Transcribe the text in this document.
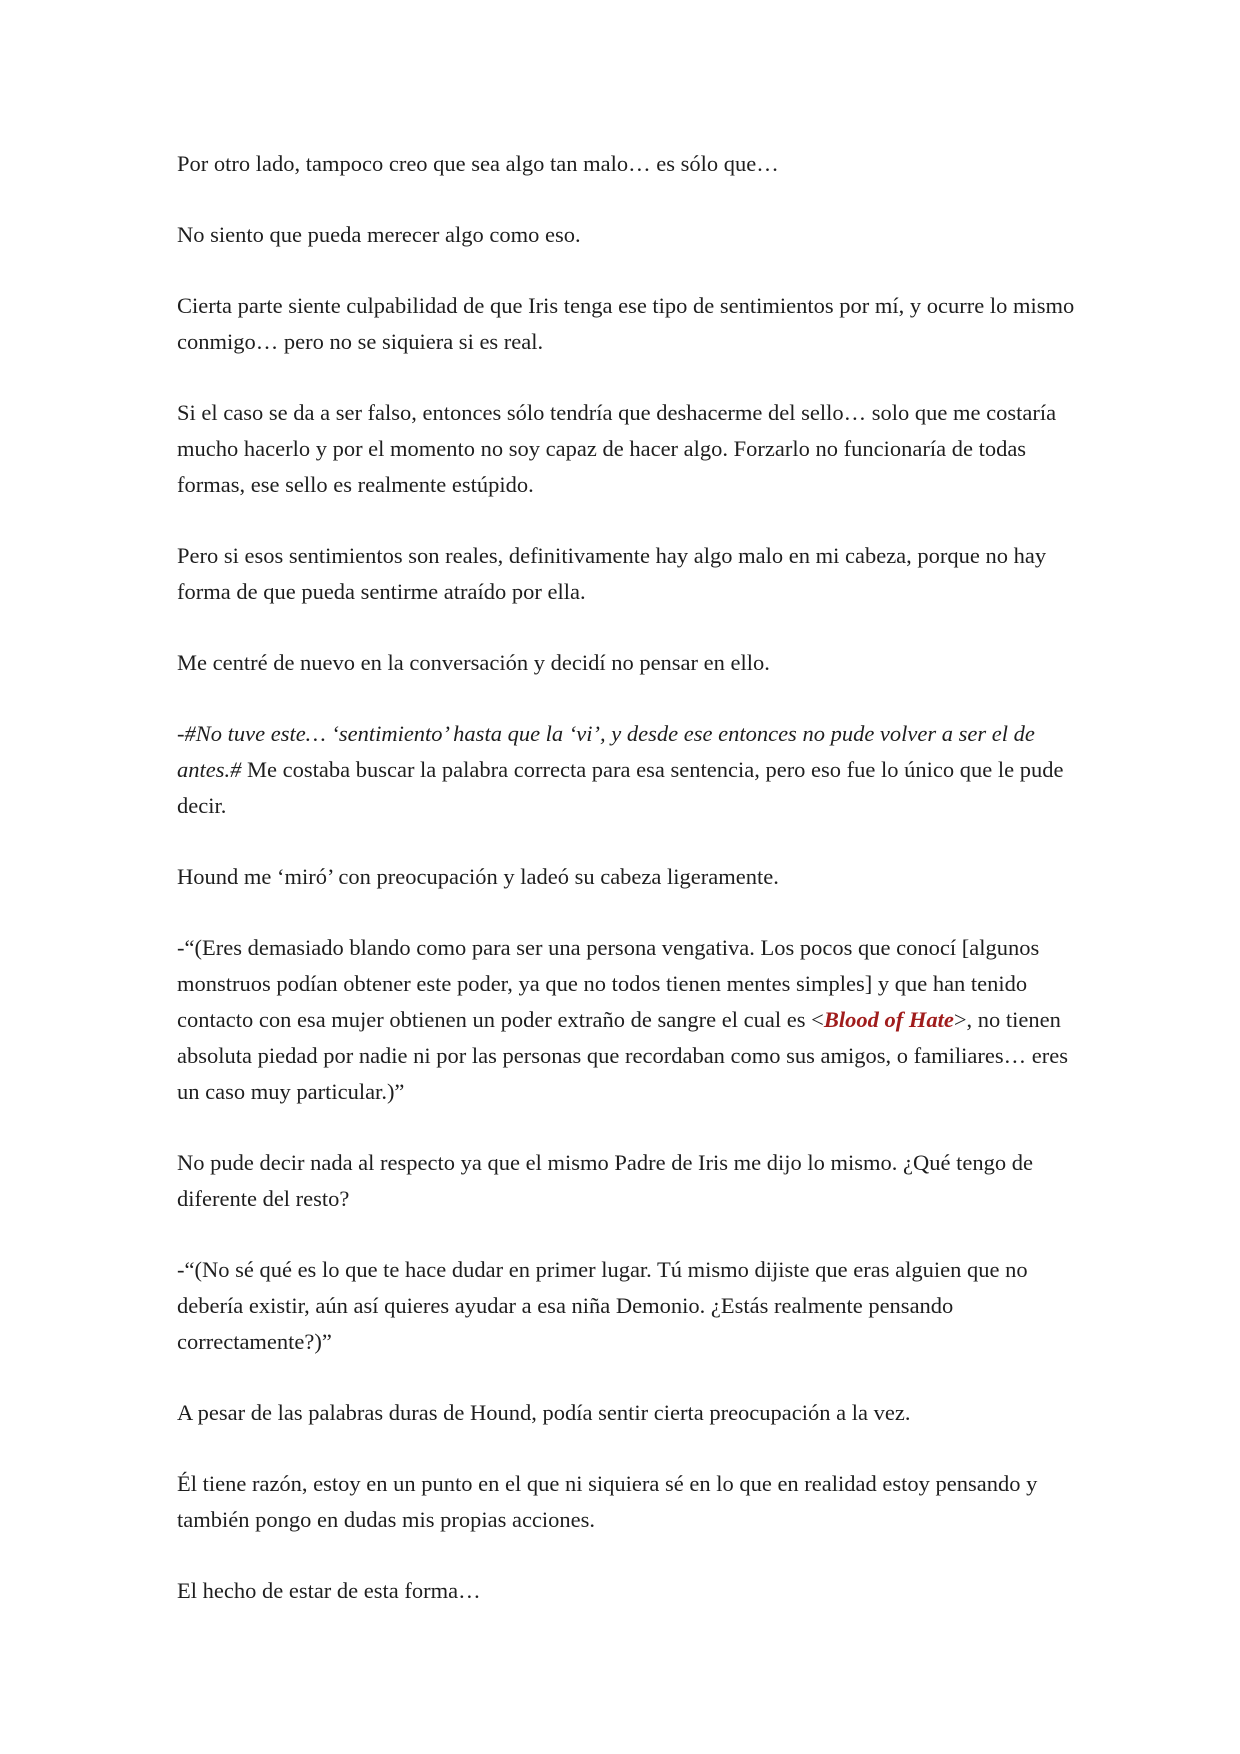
Por otro lado, tampoco creo que sea algo tan malo… es sólo que…

No siento que pueda merecer algo como eso.

Cierta parte siente culpabilidad de que Iris tenga ese tipo de sentimientos por mí, y ocurre lo mismo conmigo… pero no se siquiera si es real.

Si el caso se da a ser falso, entonces sólo tendría que deshacerme del sello… solo que me costaría mucho hacerlo y por el momento no soy capaz de hacer algo. Forzarlo no funcionaría de todas formas, ese sello es realmente estúpido.

Pero si esos sentimientos son reales, definitivamente hay algo malo en mi cabeza, porque no hay forma de que pueda sentirme atraído por ella.

Me centré de nuevo en la conversación y decidí no pensar en ello.

-#No tuve este… ‘sentimiento’ hasta que la ‘vi’, y desde ese entonces no pude volver a ser el de antes.# Me costaba buscar la palabra correcta para esa sentencia, pero eso fue lo único que le pude decir.

Hound me ‘miró’ con preocupación y ladeó su cabeza ligeramente.

-“(Eres demasiado blando como para ser una persona vengativa. Los pocos que conocí [algunos monstruos podían obtener este poder, ya que no todos tienen mentes simples] y que han tenido contacto con esa mujer obtienen un poder extraño de sangre el cual es <Blood of Hate>, no tienen absoluta piedad por nadie ni por las personas que recordaban como sus amigos, o familiares… eres un caso muy particular.)”

No pude decir nada al respecto ya que el mismo Padre de Iris me dijo lo mismo. ¿Qué tengo de diferente del resto?

-“(No sé qué es lo que te hace dudar en primer lugar. Tú mismo dijiste que eras alguien que no debería existir, aún así quieres ayudar a esa niña Demonio. ¿Estás realmente pensando correctamente?)”

A pesar de las palabras duras de Hound, podía sentir cierta preocupación a la vez.

Él tiene razón, estoy en un punto en el que ni siquiera sé en lo que en realidad estoy pensando y también pongo en dudas mis propias acciones.

El hecho de estar de esta forma…
